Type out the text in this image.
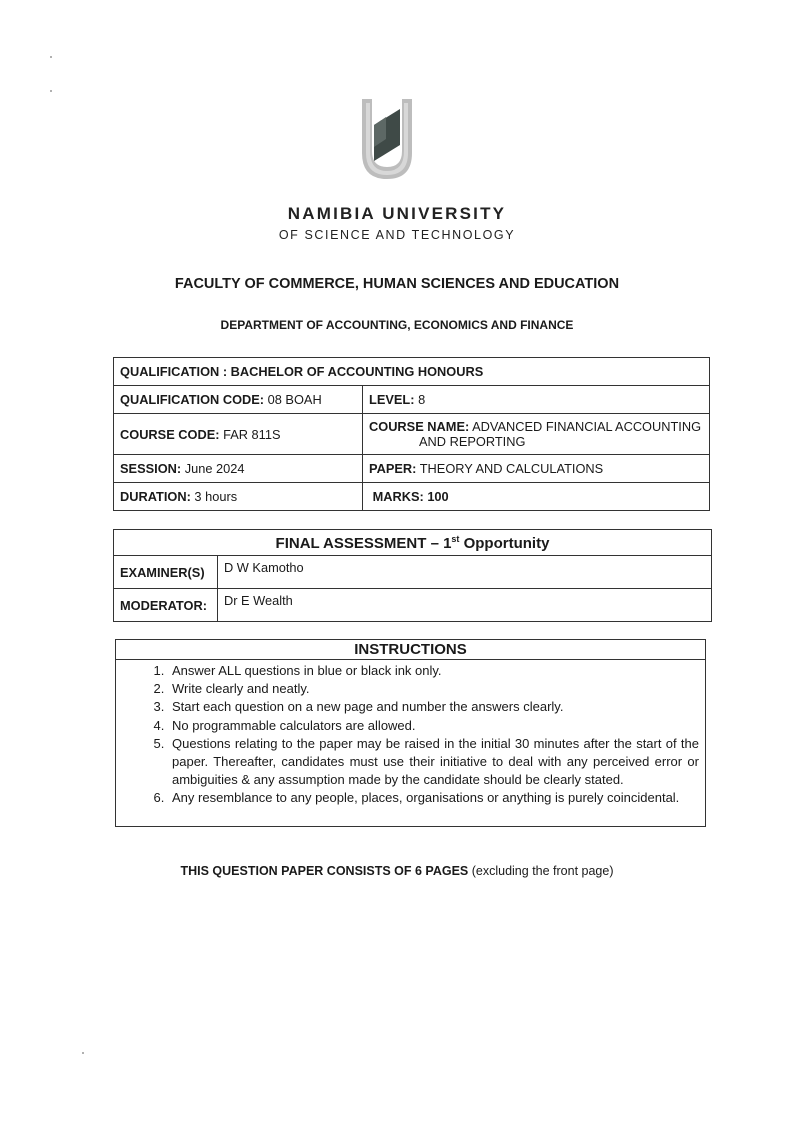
NAMIBIA UNIVERSITY
OF SCIENCE AND TECHNOLOGY
FACULTY OF COMMERCE, HUMAN SCIENCES AND EDUCATION
DEPARTMENT OF ACCOUNTING, ECONOMICS AND FINANCE
QUALIFICATION : BACHELOR OF ACCOUNTING HONOURS	
QUALIFICATION CODE: 08 BOAH	LEVEL: 8
COURSE CODE: FAR 811S	COURSE NAME: ADVANCED FINANCIAL ACCOUNTING
AND REPORTING
SESSION: June 2024	PAPER: THEORY AND CALCULATIONS
DURATION: 3 hours	MARKS: 100
FINAL ASSESSMENT – 1st Opportunity	
EXAMINER(S)	D W Kamotho
MODERATOR:	Dr E Wealth
INSTRUCTIONS
1. Answer ALL questions in blue or black ink only.
2. Write clearly and neatly.
3. Start each question on a new page and number the answers clearly.
4. No programmable calculators are allowed.
5. Questions relating to the paper may be raised in the initial 30 minutes after the start of the paper. Thereafter, candidates must use their initiative to deal with any perceived error or ambiguities & any assumption made by the candidate should be clearly stated.
6. Any resemblance to any people, places, organisations or anything is purely coincidental.
THIS QUESTION PAPER CONSISTS OF 6 PAGES (excluding the front page)
